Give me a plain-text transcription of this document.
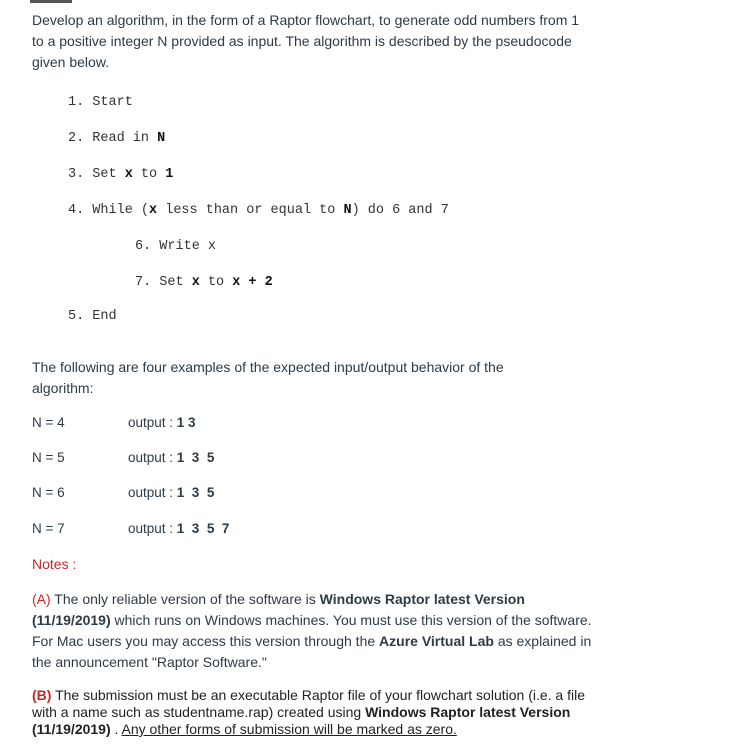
Develop an algorithm, in the form of a Raptor flowchart, to generate odd numbers from 1 to a positive integer N provided as input. The algorithm is described by the pseudocode given below.
1. Start
2. Read in N
3. Set x to 1
4. While (x less than or equal to N) do 6 and 7
6. Write x
7. Set x to x + 2
5. End
The following are four examples of the expected input/output behavior of the algorithm:
N = 4	output : 1 3
N = 5	output : 1  3  5
N = 6	output : 1  3  5
N = 7	output : 1  3  5  7
Notes :
(A) The only reliable version of the software is Windows Raptor latest Version (11/19/2019) which runs on Windows machines. You must use this version of the software. For Mac users you may access this version through the Azure Virtual Lab as explained in the announcement "Raptor Software."
(B) The submission must be an executable Raptor file of your flowchart solution (i.e. a file with a name such as studentname.rap) created using Windows Raptor latest Version (11/19/2019) . Any other forms of submission will be marked as zero.
